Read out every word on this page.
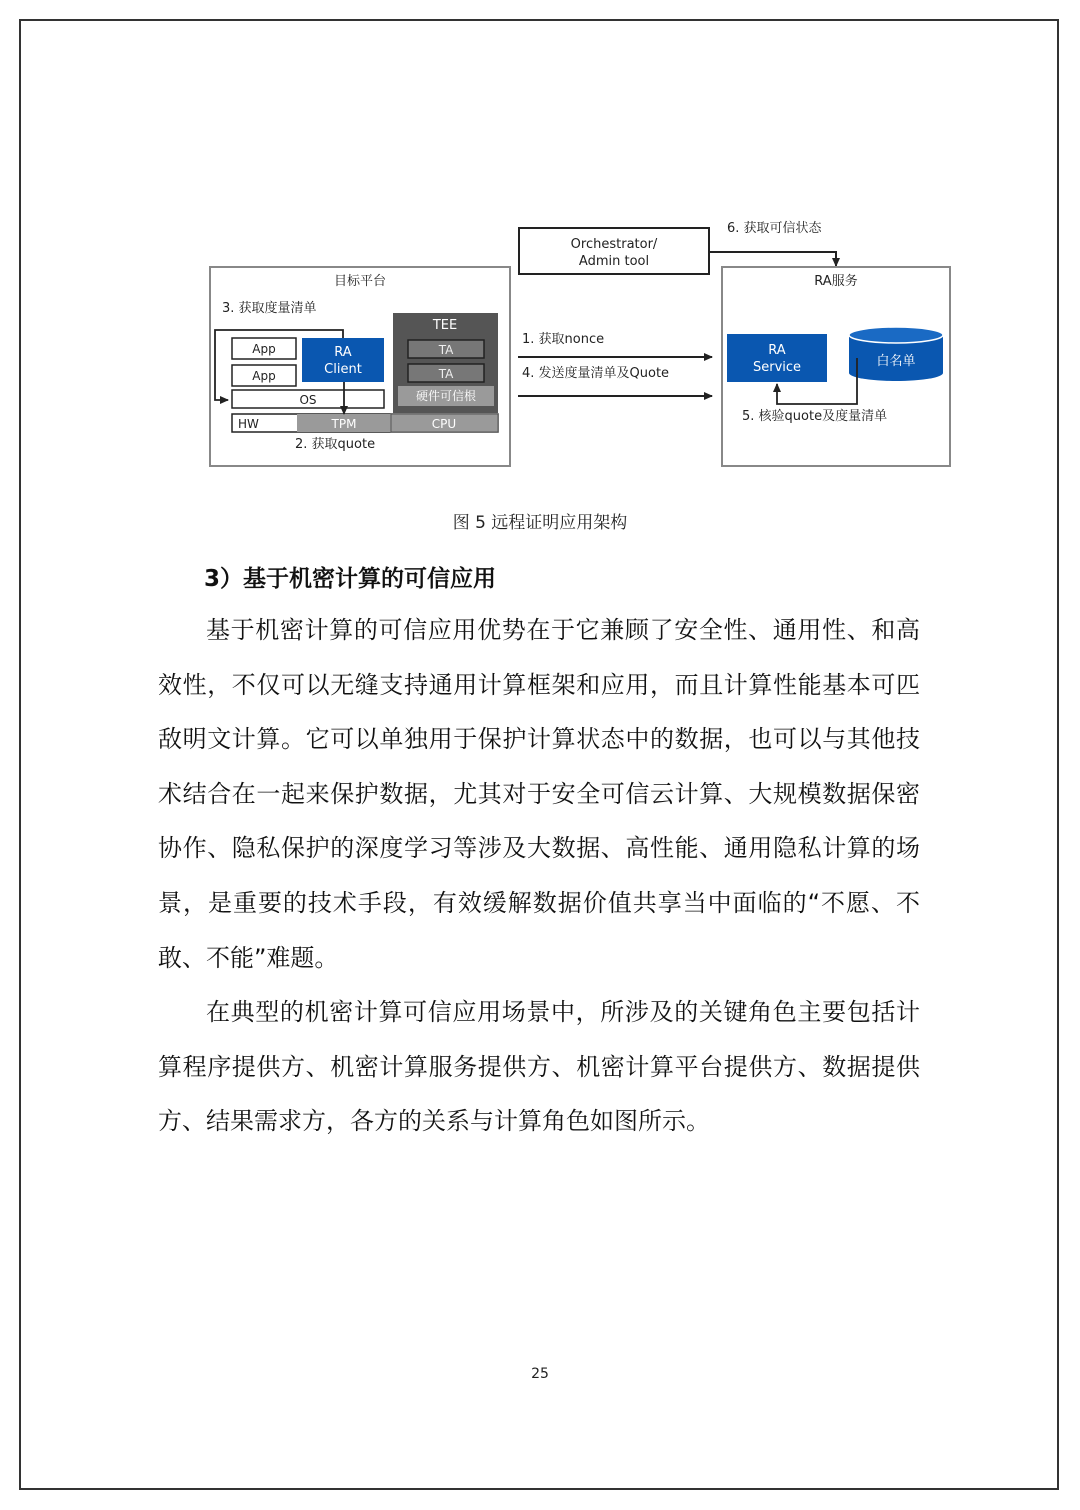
Orchestrator/
Admin tool
6. 获取可信状态
目标平台
3. 获取度量清单
App
App
RA
Client
OS
HW	TPM	CPU
2. 获取quote
TEE
TA
TA
硬件可信根
1. 获取nonce
4. 发送度量清单及Quote
RA服务
RA
Service	白名单
5. 核验quote及度量清单
图 5 远程证明应用架构
3）基于机密计算的可信应用
基于机密计算的可信应用优势在于它兼顾了安全性、通用性、和高效性，不仅可以无缝支持通用计算框架和应用，而且计算性能基本可匹敌明文计算。它可以单独用于保护计算状态中的数据，也可以与其他技术结合在一起来保护数据，尤其对于安全可信云计算、大规模数据保密协作、隐私保护的深度学习等涉及大数据、高性能、通用隐私计算的场景，是重要的技术手段，有效缓解数据价值共享当中面临的“不愿、不敢、不能”难题。
在典型的机密计算可信应用场景中，所涉及的关键角色主要包括计算程序提供方、机密计算服务提供方、机密计算平台提供方、数据提供方、结果需求方，各方的关系与计算角色如图所示。
25
